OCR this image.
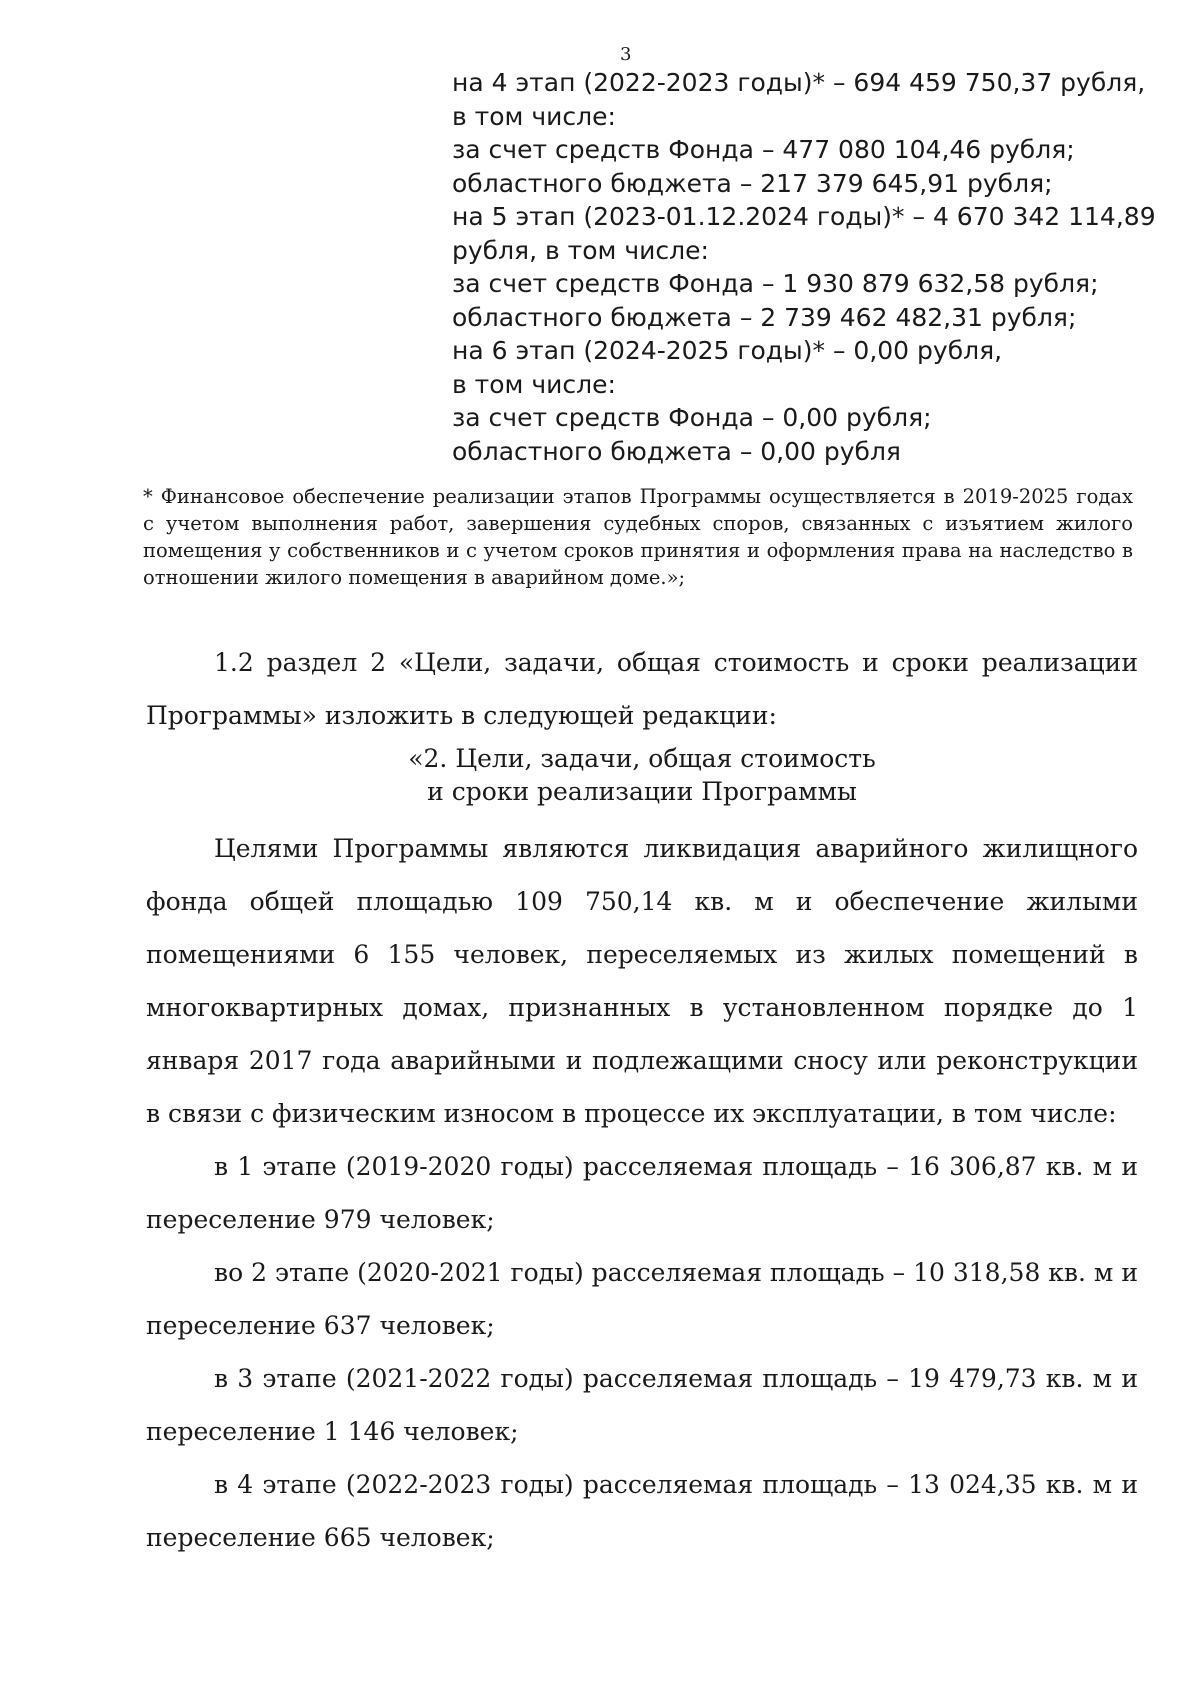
3
на 4 этап (2022-2023 годы)* – 694 459 750,37 рубля,
в том числе:
за счет средств Фонда – 477 080 104,46 рубля;
областного бюджета – 217 379 645,91 рубля;
на 5 этап (2023-01.12.2024 годы)* – 4 670 342 114,89
рубля, в том числе:
за счет средств Фонда – 1 930 879 632,58 рубля;
областного бюджета – 2 739 462 482,31 рубля;
на 6 этап (2024-2025 годы)* – 0,00 рубля,
в том числе:
за счет средств Фонда – 0,00 рубля;
областного бюджета – 0,00 рубля
* Финансовое обеспечение реализации этапов Программы осуществляется в 2019-2025 годах с учетом выполнения работ, завершения судебных споров, связанных с изъятием жилого помещения у собственников и с учетом сроков принятия и оформления права на наследство в отношении жилого помещения в аварийном доме.»;

1.2 раздел 2 «Цели, задачи, общая стоимость и сроки реализации Программы» изложить в следующей редакции:

«2. Цели, задачи, общая стоимость

и сроки реализации Программы

Целями Программы являются ликвидация аварийного жилищного фонда общей площадью 109 750,14 кв. м и обеспечение жилыми помещениями 6 155 человек, переселяемых из жилых помещений в многоквартирных домах, признанных в установленном порядке до 1 января 2017 года аварийными и подлежащими сносу или реконструкции в связи с физическим износом в процессе их эксплуатации, в том числе:

в 1 этапе (2019-2020 годы) расселяемая площадь – 16 306,87 кв. м и переселение 979 человек;

во 2 этапе (2020-2021 годы) расселяемая площадь – 10 318,58 кв. м и переселение 637 человек;

в 3 этапе (2021-2022 годы) расселяемая площадь – 19 479,73 кв. м и переселение 1 146 человек;

в 4 этапе (2022-2023 годы) расселяемая площадь – 13 024,35 кв. м и переселение 665 человек;
